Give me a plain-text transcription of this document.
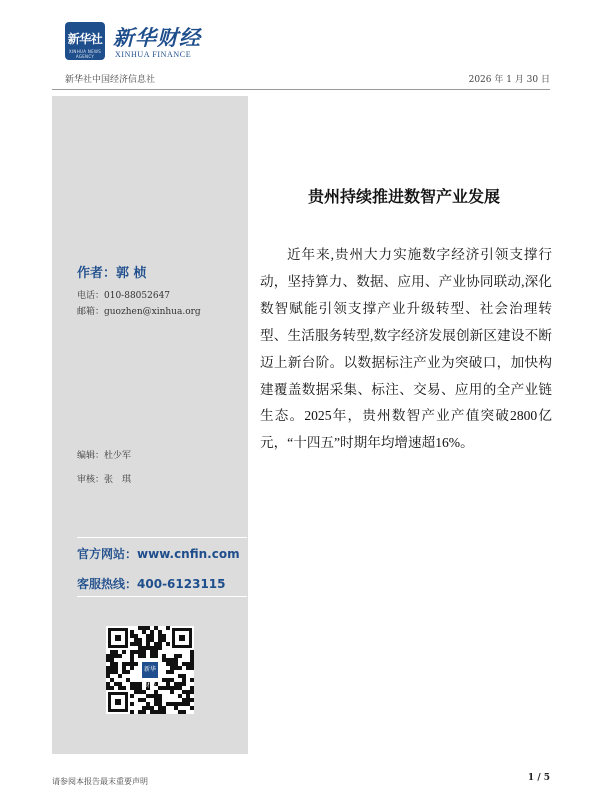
新华社
XINHUA NEWS AGENCY
新华财经
XINHUA FINANCE
新华社中国经济信息社	2026 年 1 月 30 日
作者：郭 桢
电话：010-88052647
邮箱：guozhen@xinhua.org
编辑：杜少军
审核：张　琪
官方网站：www.cnfin.com
客服热线：400-6123115
新华财经
贵州持续推进数智产业发展

近年来,贵州大力实施数字经济引领支撑行动，坚持算力、数据、应用、产业协同联动,深化数智赋能引领支撑产业升级转型、社会治理转型、生活服务转型,数字经济发展创新区建设不断迈上新台阶。以数据标注产业为突破口，加快构建覆盖数据采集、标注、交易、应用的全产业链生态。2025年，贵州数智产业产值突破2800亿元，“十四五”时期年均增速超16%。

请参阅本报告最末重要声明	1 / 5
